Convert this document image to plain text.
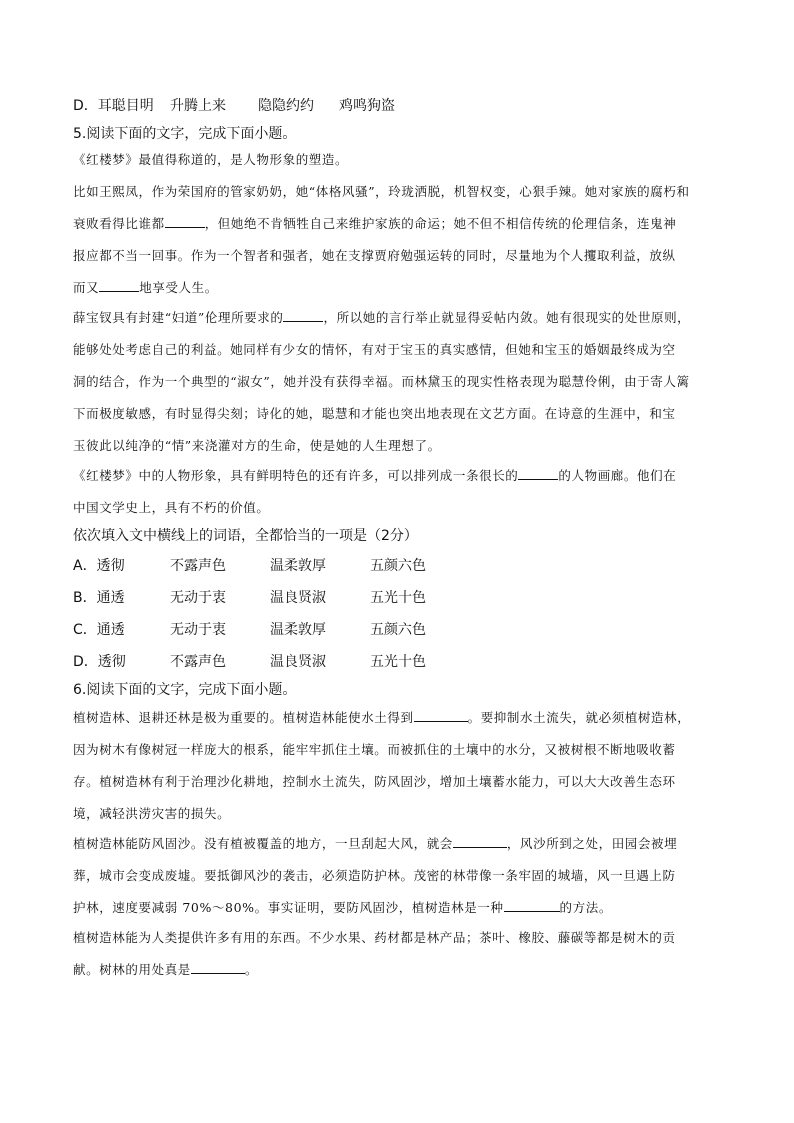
D．耳聪目明	升腾上来	隐隐约约	鸡鸣狗盗
5.阅读下面的文字，完成下面小题。
《红楼梦》最值得称道的，是人物形象的塑造。
比如王熙凤，作为荣国府的管家奶奶，她“体格风骚”，玲珑洒脱，机智权变，心狠手辣。她对家族的腐朽和
衰败看得比谁都	，但她绝不肯牺牲自己来维护家族的命运；她不但不相信传统的伦理信条，连鬼神
报应都不当一回事。作为一个智者和强者，她在支撑贾府勉强运转的同时，尽量地为个人攫取利益，放纵
而又	地享受人生。
薛宝钗具有封建“妇道”伦理所要求的	，所以她的言行举止就显得妥帖内敛。她有很现实的处世原则，
能够处处考虑自己的利益。她同样有少女的情怀，有对于宝玉的真实感情，但她和宝玉的婚姻最终成为空
洞的结合，作为一个典型的“淑女”，她并没有获得幸福。而林黛玉的现实性格表现为聪慧伶俐，由于寄人篱
下而极度敏感，有时显得尖刻；诗化的她，聪慧和才能也突出地表现在文艺方面。在诗意的生涯中，和宝
玉彼此以纯净的“情”来浇灌对方的生命，使是她的人生理想了。
《红楼梦》中的人物形象，具有鲜明特色的还有许多，可以排列成一条很长的	的人物画廊。他们在
中国文学史上，具有不朽的价值。
依次填入文中横线上的词语，全都恰当的一项是（2分）
A．透彻	不露声色	温柔敦厚	五颜六色
B．通透	无动于衷	温良贤淑	五光十色
C．通透	无动于衷	温柔敦厚	五颜六色
D．透彻	不露声色	温良贤淑	五光十色
6.阅读下面的文字，完成下面小题。
植树造林、退耕还林是极为重要的。植树造林能使水土得到	。要抑制水土流失，就必须植树造林，
因为树木有像树冠一样庞大的根系，能牢牢抓住土壤。而被抓住的土壤中的水分，又被树根不断地吸收蓄
存。植树造林有利于治理沙化耕地，控制水土流失，防风固沙，增加土壤蓄水能力，可以大大改善生态环
境，减轻洪涝灾害的损失。
植树造林能防风固沙。没有植被覆盖的地方，一旦刮起大风，就会	，风沙所到之处，田园会被埋
葬，城市会变成废墟。要抵御风沙的袭击，必须造防护林。茂密的林带像一条牢固的城墙，风一旦遇上防
护林，速度要减弱 70%～80%。事实证明，要防风固沙，植树造林是一种	的方法。
植树造林能为人类提供许多有用的东西。不少水果、药材都是林产品；茶叶、橡胶、藤碳等都是树木的贡
献。树林的用处真是	。
